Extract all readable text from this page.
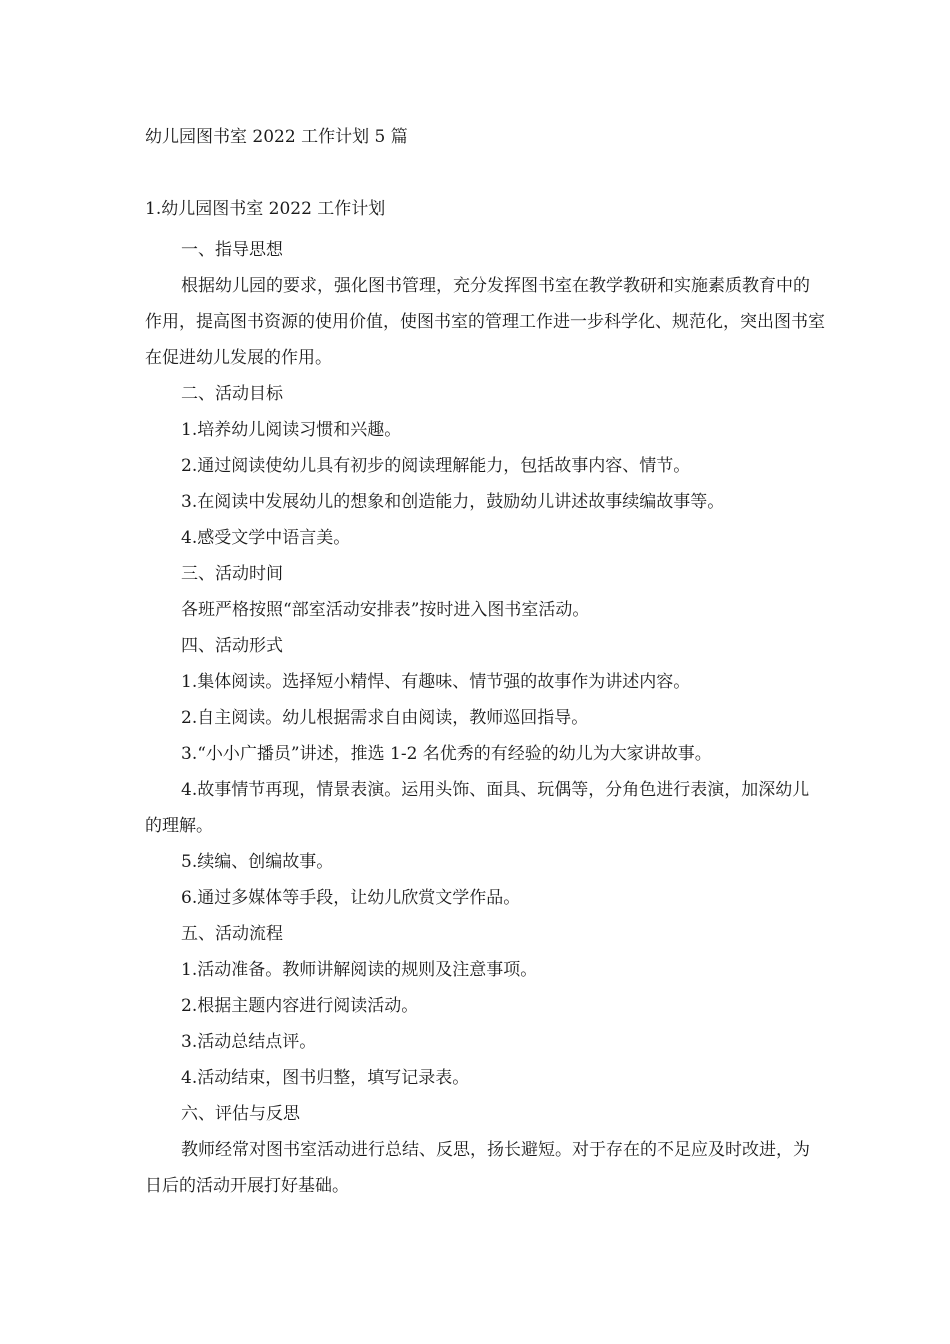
幼儿园图书室 2022 工作计划 5 篇
1.幼儿园图书室 2022 工作计划

一、指导思想

根据幼儿园的要求，强化图书管理，充分发挥图书室在教学教研和实施素质教育中的作用，提高图书资源的使用价值，使图书室的管理工作进一步科学化、规范化，突出图书室在促进幼儿发展的作用。

二、活动目标

1.培养幼儿阅读习惯和兴趣。

2.通过阅读使幼儿具有初步的阅读理解能力，包括故事内容、情节。

3.在阅读中发展幼儿的想象和创造能力，鼓励幼儿讲述故事续编故事等。

4.感受文学中语言美。

三、活动时间

各班严格按照“部室活动安排表”按时进入图书室活动。

四、活动形式

1.集体阅读。选择短小精悍、有趣味、情节强的故事作为讲述内容。

2.自主阅读。幼儿根据需求自由阅读，教师巡回指导。

3.“小小广播员”讲述，推选 1-2 名优秀的有经验的幼儿为大家讲故事。

4.故事情节再现，情景表演。运用头饰、面具、玩偶等，分角色进行表演，加深幼儿的理解。

5.续编、创编故事。

6.通过多媒体等手段，让幼儿欣赏文学作品。

五、活动流程

1.活动准备。教师讲解阅读的规则及注意事项。

2.根据主题内容进行阅读活动。

3.活动总结点评。

4.活动结束，图书归整，填写记录表。

六、评估与反思

教师经常对图书室活动进行总结、反思，扬长避短。对于存在的不足应及时改进，为日后的活动开展打好基础。
